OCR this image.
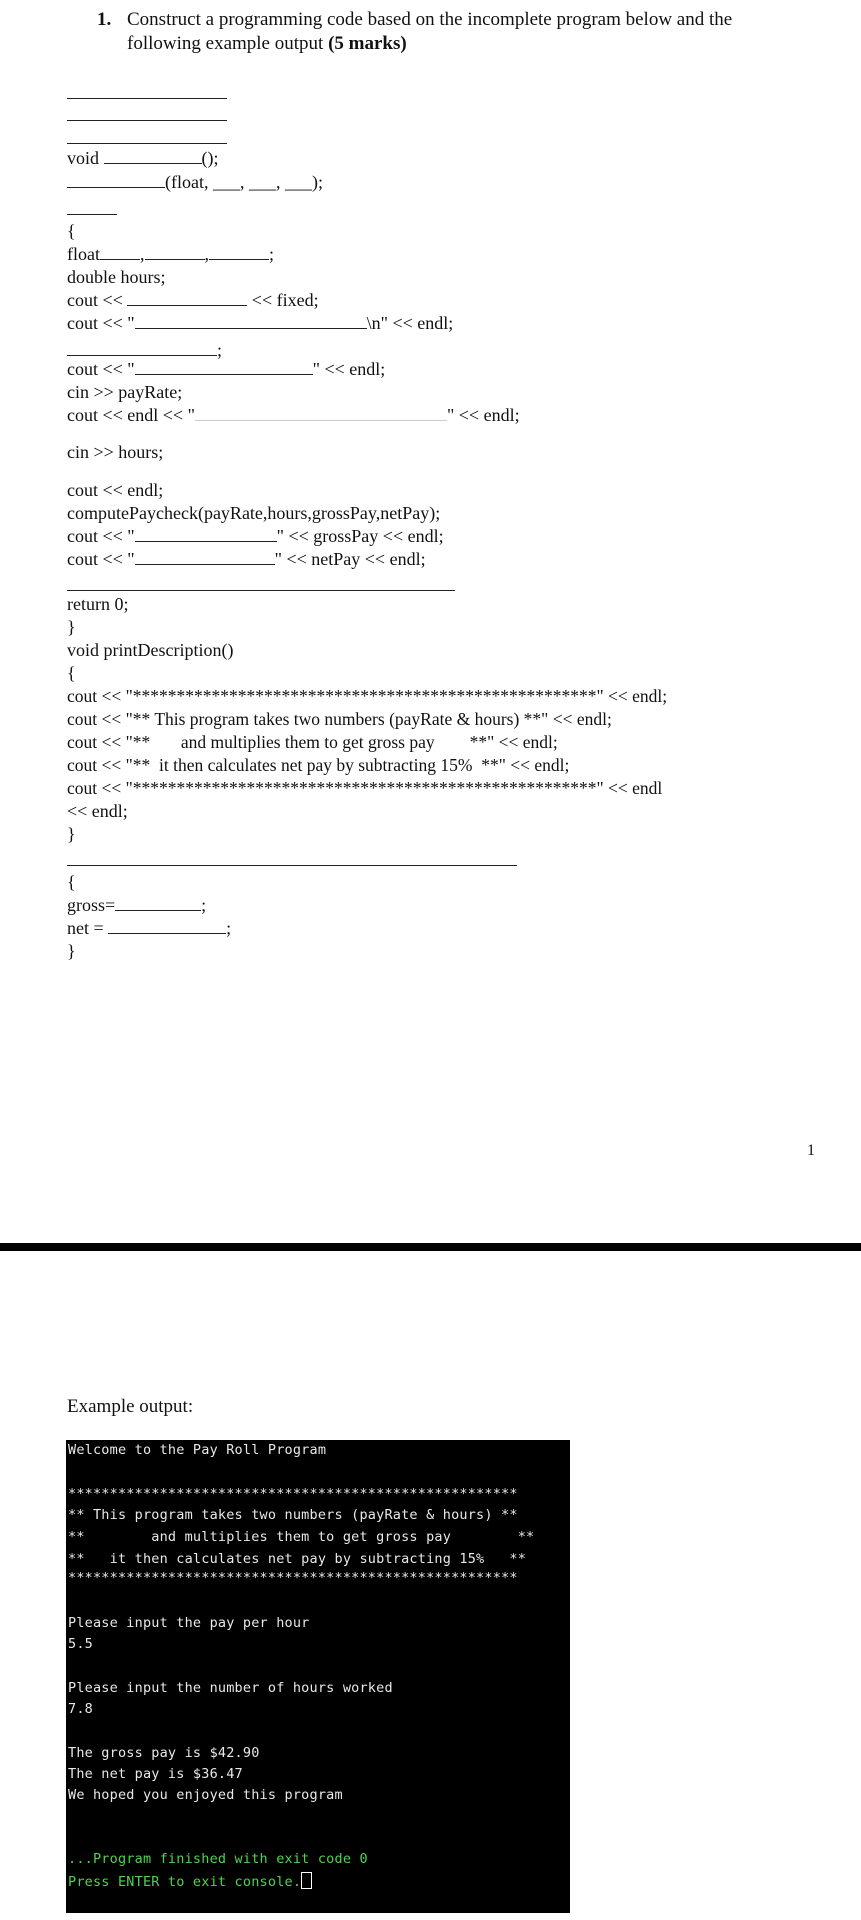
1. Construct a programming code based on the incomplete program below and the
following example output (5 marks)
void	();
(float, ___, ___, ___);
{
float ,	,	;
double hours;
cout <<	<< fixed;
cout << "	\n" << endl;
;
cout << "	" << endl;
cin >> payRate;
cout << endl << "	" << endl;
cin >> hours;
cout << endl;
computePaycheck(payRate,hours,grossPay,netPay);
cout << "	" << grossPay << endl;
cout << "	" << netPay << endl;
return 0;
}
void printDescription()
{
cout << "*****************************************************" << endl;
cout << "** This program takes two numbers (payRate & hours) **" << endl;
cout << "**       and multiplies them to get gross pay        **" << endl;
cout << "**  it then calculates net pay by subtracting 15%  **" << endl;
cout << "*****************************************************" << endl
<< endl;
}
{
gross=	;
net =	;
}
1
Example output:
Welcome to the Pay Roll Program
******************************************************
** This program takes two numbers (payRate & hours) **
**        and multiplies them to get gross pay        **
**   it then calculates net pay by subtracting 15%   **
******************************************************
Please input the pay per hour
5.5
Please input the number of hours worked
7.8
The gross pay is $42.90
The net pay is $36.47
We hoped you enjoyed this program
...Program finished with exit code 0
Press ENTER to exit console.
